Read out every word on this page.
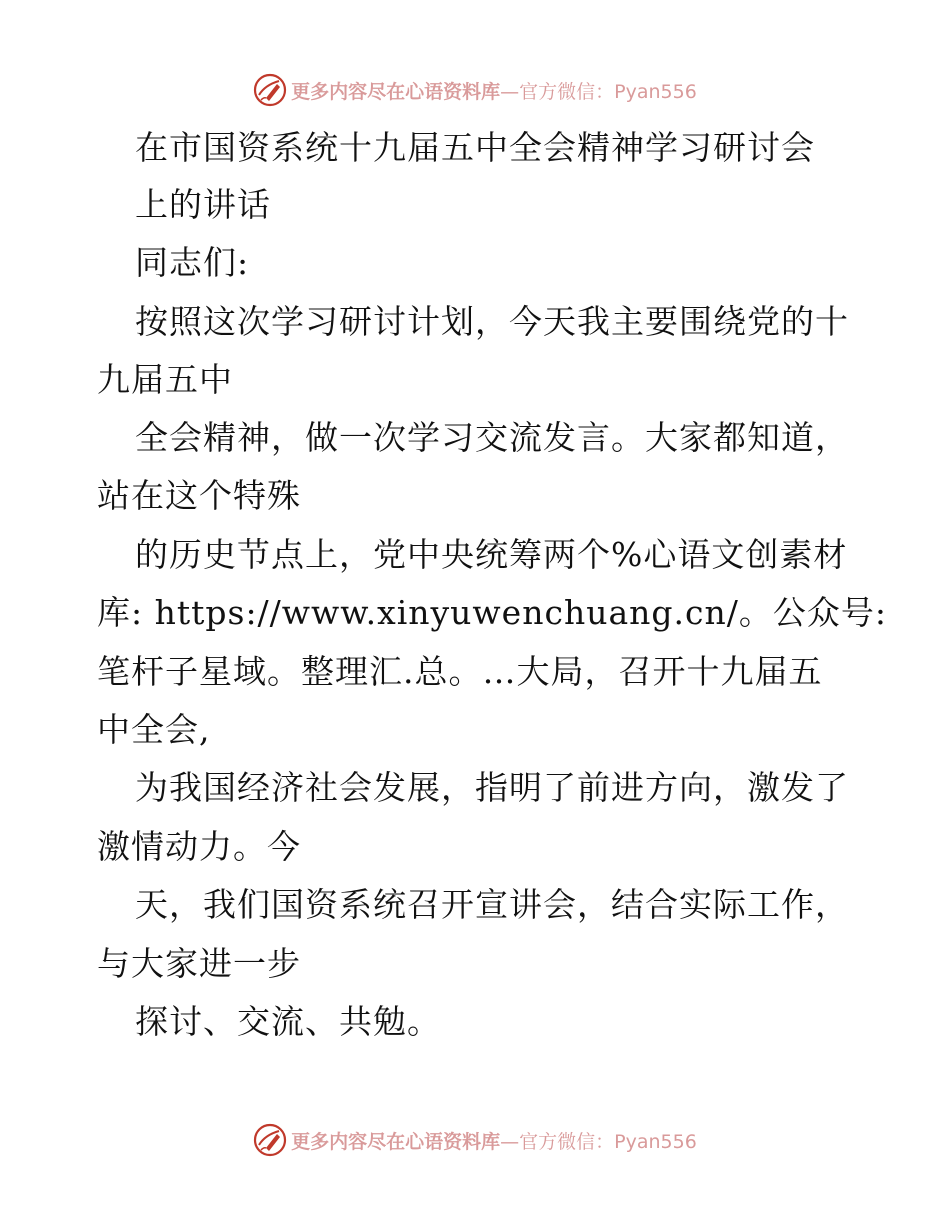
更多内容尽在心语资料库—官方微信：Pyan556
在市国资系统十九届五中全会精神学习研讨会
上的讲话
同志们:
按照这次学习研讨计划，今天我主要围绕党的十
九届五中
全会精神，做一次学习交流发言。大家都知道，
站在这个特殊
的历史节点上，党中央统筹两个%心语文创素材
库: https://www.xinyuwenchuang.cn/。公众号:
笔杆子星域。整理汇.总。…大局，召开十九届五
中全会,
为我国经济社会发展，指明了前进方向，激发了
激情动力。今
天，我们国资系统召开宣讲会，结合实际工作，
与大家进一步
探讨、交流、共勉。
更多内容尽在心语资料库—官方微信：Pyan556
